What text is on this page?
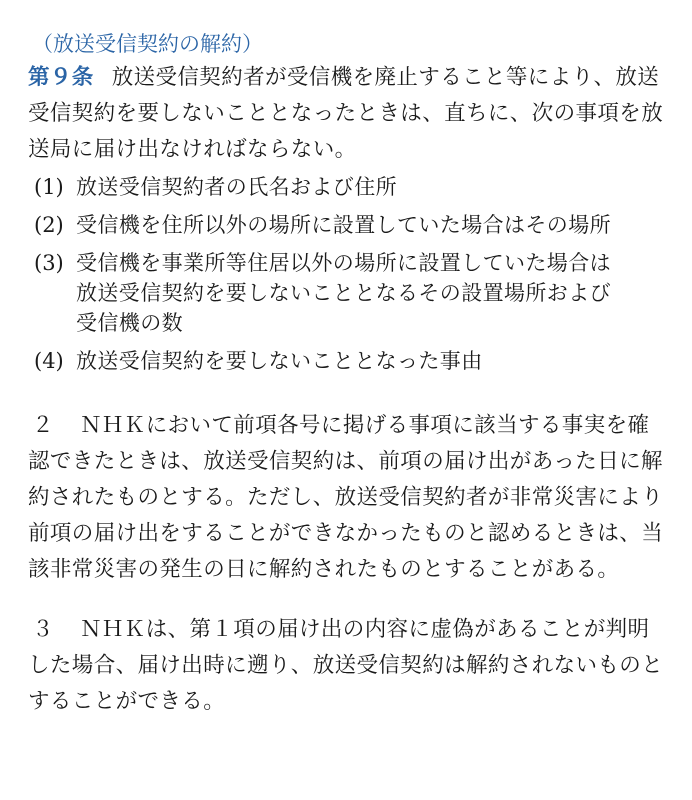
（放送受信契約の解約）

第９条 放送受信契約者が受信機を廃止すること等により、放送受信契約を要しないこととなったときは、直ちに、次の事項を放送局に届け出なければならない。

(1) 放送受信契約者の氏名および住所
(2) 受信機を住所以外の場所に設置していた場合はその場所
(3) 受信機を事業所等住居以外の場所に設置していた場合は放送受信契約を要しないこととなるその設置場所および受信機の数
(4) 放送受信契約を要しないこととなった事由

２ ＮＨＫにおいて前項各号に掲げる事項に該当する事実を確認できたときは、放送受信契約は、前項の届け出があった日に解約されたものとする。ただし、放送受信契約者が非常災害により前項の届け出をすることができなかったものと認めるときは、当該非常災害の発生の日に解約されたものとすることがある。

３ ＮＨＫは、第１項の届け出の内容に虚偽があることが判明した場合、届け出時に遡り、放送受信契約は解約されないものとすることができる。
